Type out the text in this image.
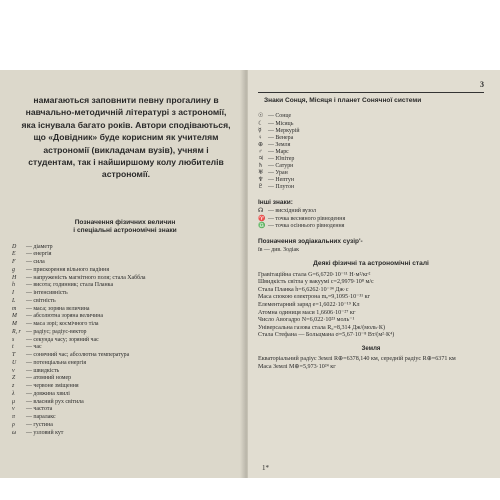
намагаються заповнити певну прогалину в навчально-методичній літературі з астрономії, яка існувала багато років. Автори сподіваються, що «Довідник» буде корисним як учителям астрономії (викладачам вузів), учням і студентам, так і найширшому колу любителів астрономії.

Позначення фізичних величин
і спеціальні астрономічні знаки
D — діаметр
E — енергія
F — сила
g — прискорення вільного падіння
H — напруженість магнітного поля; стала Хаббла
h — висота; годинник; стала Планка
I — інтенсивність
L — світність
m — маса; зоряна величина
M — абсолютна зоряна величина
M — маса зорі; космічного тіла
R, r — радіус; радіус-вектор
s — секунда часу; зоряний час
t — час
T — сонячний час; абсолютна температура
U — потенціальна енергія
v — швидкість
Z — атомний номер
z — червоне зміщення
λ — довжина хвилі
μ — власний рух світила
ν — частота
π — паралакс
ρ — густина
ω — узловий кут
3
Знаки Сонця, Місяця і планет Сонячної системи
☉ — Сонце
☾ — Місяць
☿ — Меркурій
♀ — Венера
⊕ — Земля
♂ — Марс
♃ — Юпітер
♄ — Сатурн
♅ — Уран
♆ — Нептун
♇ — Плутон
Інші знаки:
☊ — висхідний вузол
♈ — точка весняного рівнодення
♎ — точка осіннього рівнодення
Позначення зодіакальних сузір'-
їв — див. Зодіак
Деякі фізичні та астрономічні сталі
Гравітаційна стала G=6,6720·10⁻¹¹ Н·м²/кг²
Швидкість світла у вакуумі c=2,9979·10⁸ м/с
Стала Планка h=6,6262·10⁻³⁴ Дж·с
Маса спокою електрона mₑ=9,1095·10⁻³¹ кг
Елементарний заряд e=1,6022·10⁻¹⁹ Кл
Атомна одиниця маси 1,6606·10⁻²⁷ кг
Число Авогадро N=6,022·10²³ моль⁻¹
Універсальна газова стала R₀=8,314 Дж/(моль·К)
Стала Стефана — Больцмана σ=5,67·10⁻⁸ Вт/(м²·К⁴)
Земля
Екваторіальний радіус Землі R⊕=6378,140 км, середній радіус R⊕=6371 км
Маса Землі M⊕=5,973·10²⁴ кг
1*
